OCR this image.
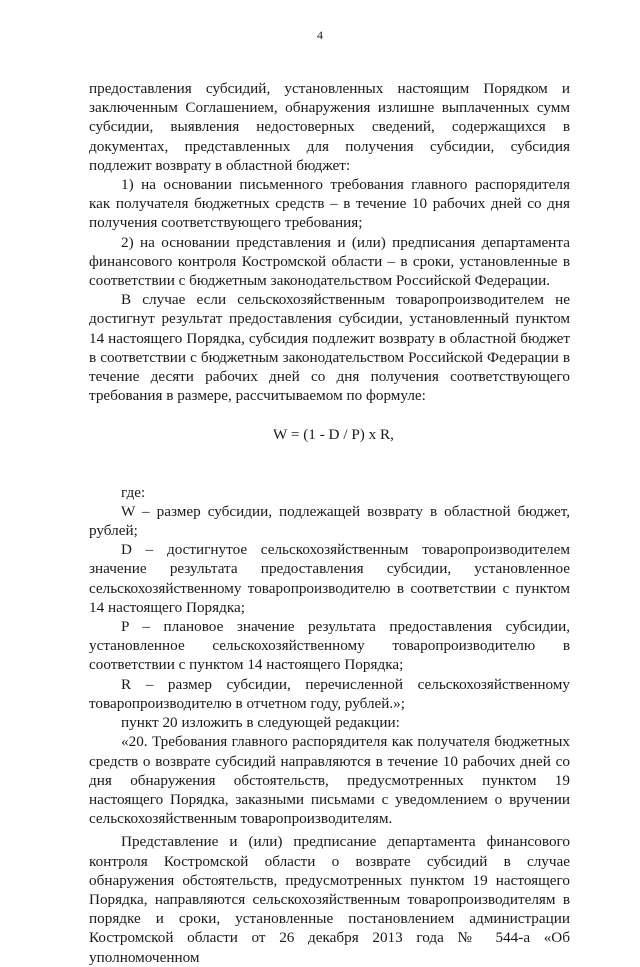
4

предоставления субсидий, установленных настоящим Порядком и заключенным Соглашением, обнаружения излишне выплаченных сумм субсидии, выявления недостоверных сведений, содержащихся в документах, представленных для получения субсидии, субсидия подлежит возврату в областной бюджет:

1) на основании письменного требования главного распорядителя как получателя бюджетных средств – в течение 10 рабочих дней со дня получения соответствующего требования;

2) на основании представления и (или) предписания департамента финансового контроля Костромской области – в сроки, установленные в соответствии с бюджетным законодательством Российской Федерации.

В случае если сельскохозяйственным товаропроизводителем не достигнут результат предоставления субсидии, установленный пунктом 14 настоящего Порядка, субсидия подлежит возврату в областной бюджет в соответствии с бюджетным законодательством Российской Федерации в течение десяти рабочих дней со дня получения соответствующего требования в размере, рассчитываемом по формуле:

W = (1 - D / P) x R,

где:

W – размер субсидии, подлежащей возврату в областной бюджет, рублей;

D – достигнутое сельскохозяйственным товаропроизводителем значение результата предоставления субсидии, установленное сельскохозяйственному товаропроизводителю в соответствии с пунктом 14 настоящего Порядка;

P – плановое значение результата предоставления субсидии, установленное сельскохозяйственному товаропроизводителю в соответствии с пунктом 14 настоящего Порядка;

R – размер субсидии, перечисленной сельскохозяйственному товаропроизводителю в отчетном году, рублей.»;

пункт 20 изложить в следующей редакции:

«20. Требования главного распорядителя как получателя бюджетных средств о возврате субсидий направляются в течение 10 рабочих дней со дня обнаружения обстоятельств, предусмотренных пунктом 19 настоящего Порядка, заказными письмами с уведомлением о вручении сельскохозяйственным товаропроизводителям.

Представление и (или) предписание департамента финансового контроля Костромской области о возврате субсидий в случае обнаружения обстоятельств, предусмотренных пунктом 19 настоящего Порядка, направляются сельскохозяйственным товаропроизводителям в порядке и сроки, установленные постановлением администрации Костромской области от 26 декабря 2013 года № 544-а «Об уполномоченном
